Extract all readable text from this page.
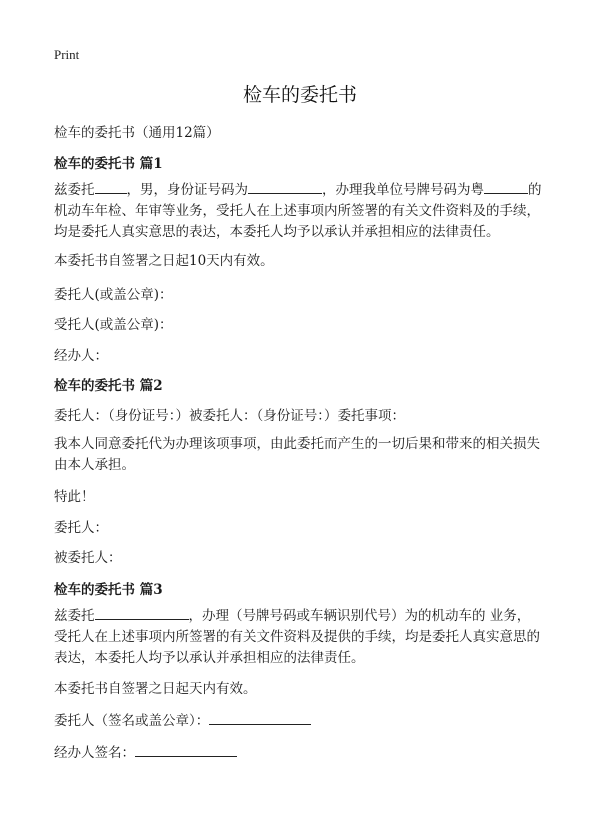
Print
检车的委托书
检车的委托书（通用12篇）
检车的委托书 篇1
兹委托 ，男，身份证号码为	，办理我单位号牌号码为粤	的
机动车年检、年审等业务，受托人在上述事项内所签署的有关文件资料及的手续，
均是委托人真实意思的表达，本委托人均予以承认并承担相应的法律责任。
本委托书自签署之日起10天内有效。
委托人(或盖公章)：
受托人(或盖公章)：
经办人：
检车的委托书 篇2
委托人：（身份证号：）被委托人：（身份证号：）委托事项：
我本人同意委托代为办理该项事项，由此委托而产生的一切后果和带来的相关损失
由本人承担。
特此！
委托人：
被委托人：
检车的委托书 篇3
兹委托	，办理（号牌号码或车辆识别代号）为的机动车的 业务，
受托人在上述事项内所签署的有关文件资料及提供的手续，均是委托人真实意思的
表达，本委托人均予以承认并承担相应的法律责任。
本委托书自签署之日起天内有效。
委托人（签名或盖公章）：
经办人签名：
